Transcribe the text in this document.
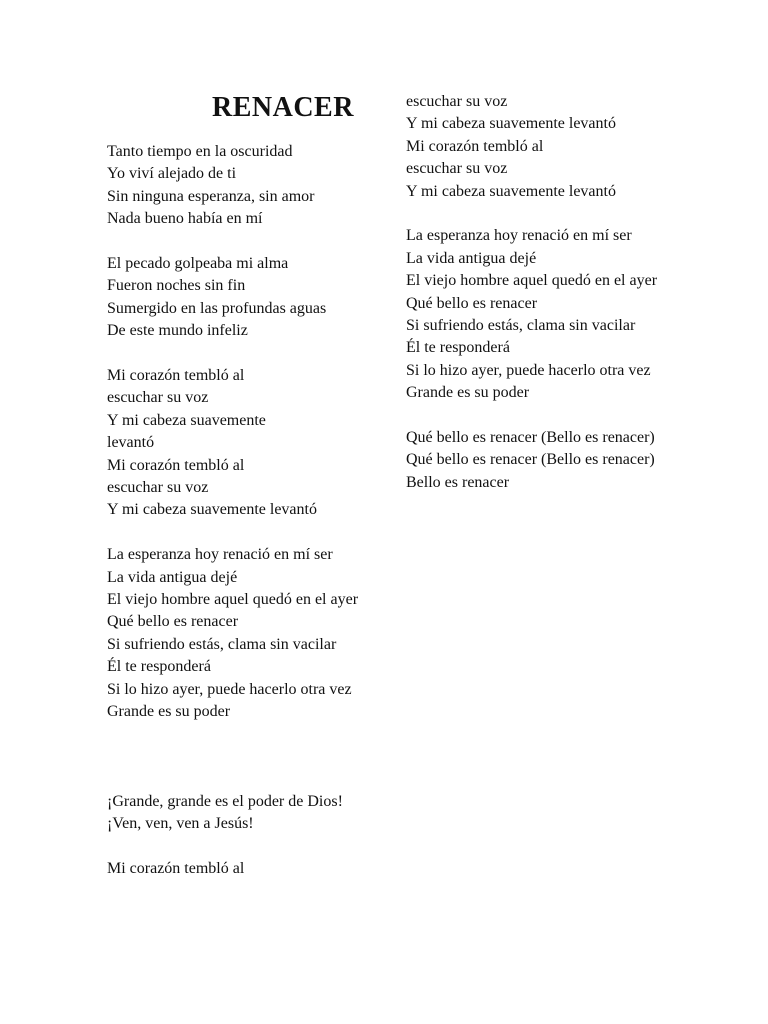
RENACER
Tanto tiempo en la oscuridad
Yo viví alejado de ti
Sin ninguna esperanza, sin amor
Nada bueno había en mí
El pecado golpeaba mi alma
Fueron noches sin fin
Sumergido en las profundas aguas
De este mundo infeliz
Mi corazón tembló al
escuchar su voz
Y mi cabeza suavemente
levantó
Mi corazón tembló al
escuchar su voz
Y mi cabeza suavemente levantó
La esperanza hoy renació en mí ser
La vida antigua dejé
El viejo hombre aquel quedó en el ayer
Qué bello es renacer
Si sufriendo estás, clama sin vacilar
Él te responderá
Si lo hizo ayer, puede hacerlo otra vez
Grande es su poder
¡Grande, grande es el poder de Dios!
¡Ven, ven, ven a Jesús!
Mi corazón tembló al
escuchar su voz
Y mi cabeza suavemente levantó
Mi corazón tembló al
escuchar su voz
Y mi cabeza suavemente levantó
La esperanza hoy renació en mí ser
La vida antigua dejé
El viejo hombre aquel quedó en el ayer
Qué bello es renacer
Si sufriendo estás, clama sin vacilar
Él te responderá
Si lo hizo ayer, puede hacerlo otra vez
Grande es su poder
Qué bello es renacer (Bello es renacer)
Qué bello es renacer (Bello es renacer)
Bello es renacer
